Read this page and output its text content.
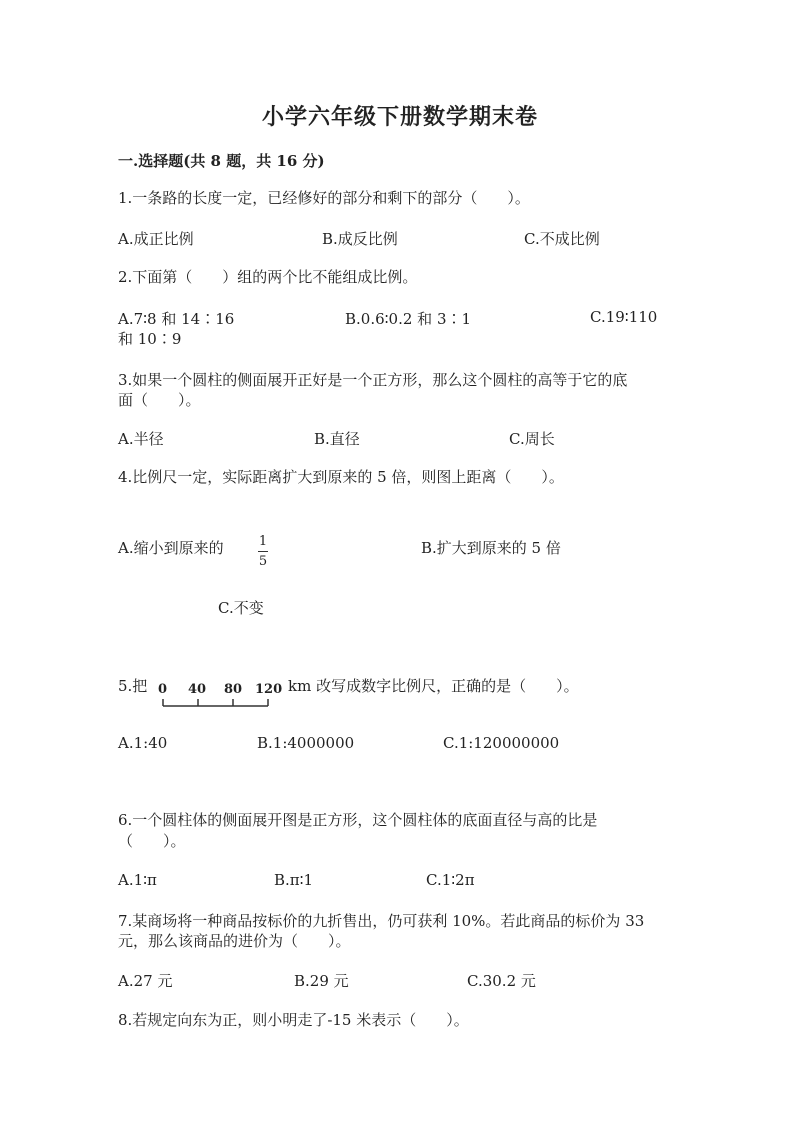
小学六年级下册数学期末卷
一.选择题(共 8 题，共 16 分)
1.一条路的长度一定，已经修好的部分和剩下的部分（　　）。
A.成正比例	B.成反比例	C.不成比例
2.下面第（　　）组的两个比不能组成比例。
A.7∶8 和 14∶16	B.0.6∶0.2 和 3∶1	C.19∶110
和 10∶9
3.如果一个圆柱的侧面展开正好是一个正方形，那么这个圆柱的高等于它的底
面（　　）。
A.半径	B.直径	C.周长
4.比例尺一定，实际距离扩大到原来的 5 倍，则图上距离（　　）。
A.缩小到原来的	$\frac{1}{5}$	B.扩大到原来的 5 倍
C.不变
5.把 0 40 80 120 km 改写成数字比例尺，正确的是（　　）。
A.1:40	B.1:4000000	C.1:120000000
6.一个圆柱体的侧面展开图是正方形，这个圆柱体的底面直径与高的比是
（　　）。
A.1∶π	B.π∶1	C.1∶2π
7.某商场将一种商品按标价的九折售出，仍可获利 10%。若此商品的标价为 33
元，那么该商品的进价为（　　）。
A.27 元	B.29 元	C.30.2 元
8.若规定向东为正，则小明走了-15 米表示（　　）。
